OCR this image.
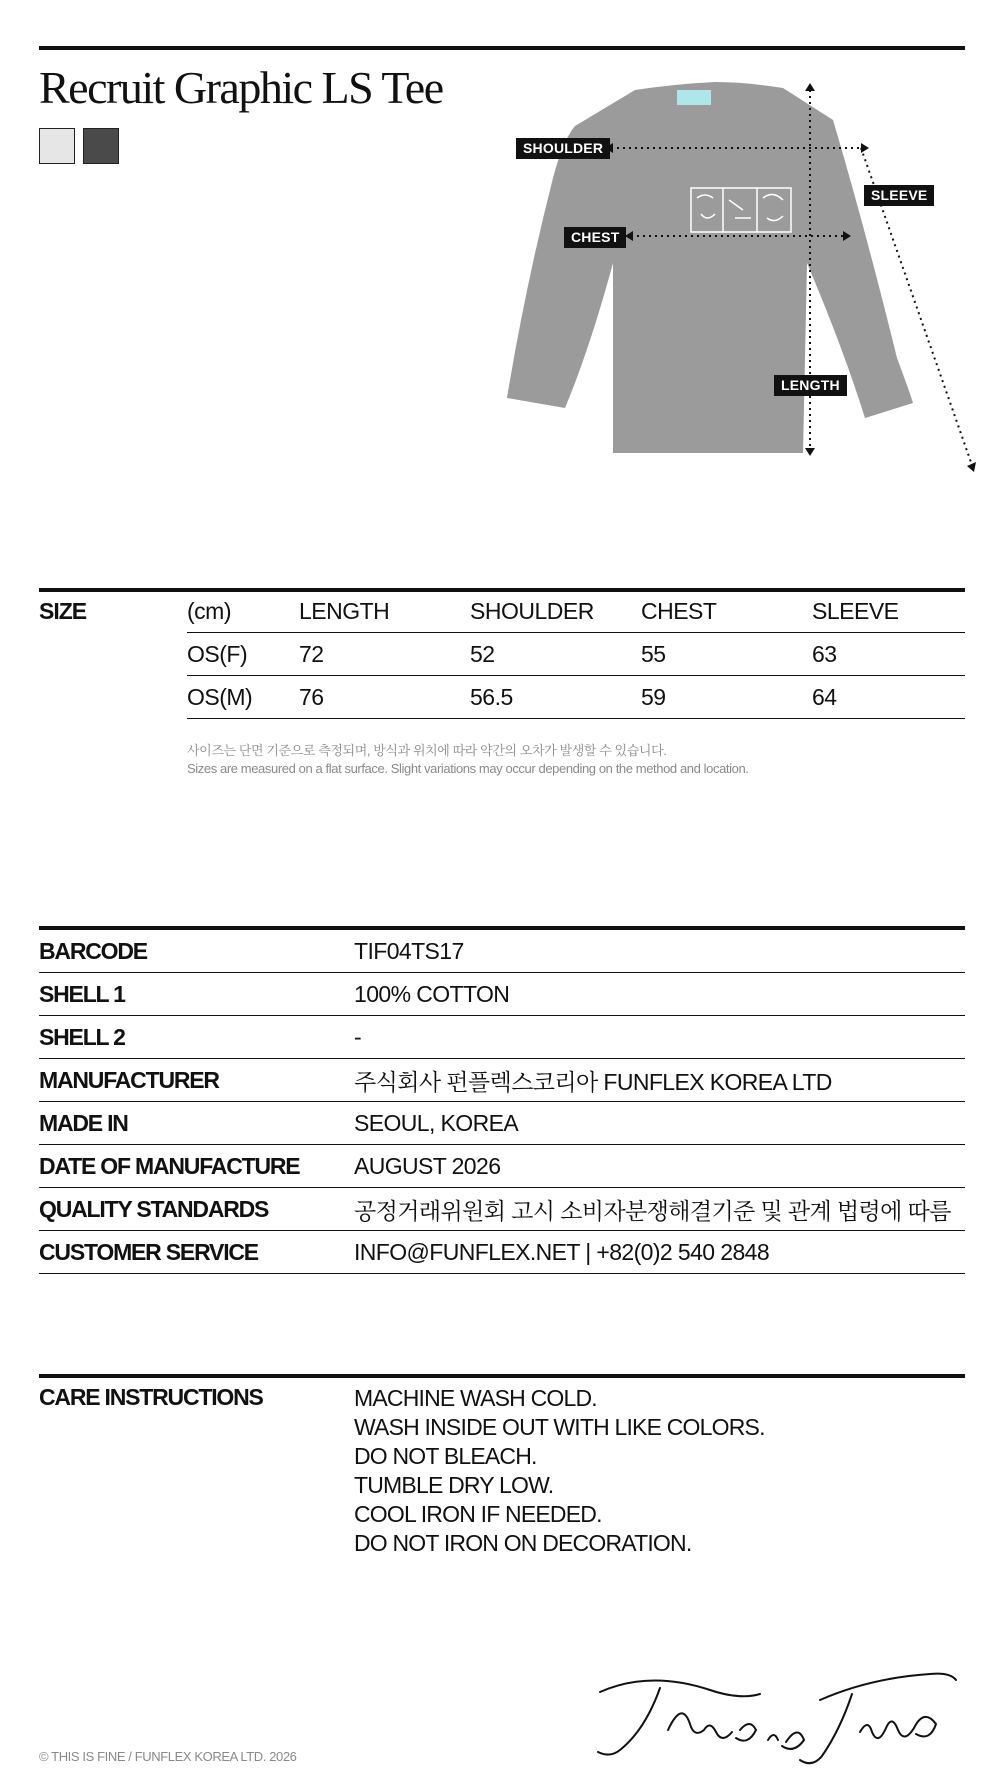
Recruit Graphic LS Tee
SHOULDER
SLEEVE
CHEST
LENGTH
SIZE	(cm)	LENGTH	SHOULDER	CHEST	SLEEVE
	OS(F)	72	52	55	63
	OS(M)	76	56.5	59	64
사이즈는 단면 기준으로 측정되며, 방식과 위치에 따라 약간의 오차가 발생할 수 있습니다.
Sizes are measured on a flat surface. Slight variations may occur depending on the method and location.
BARCODE	TIF04TS17
SHELL 1	100% COTTON
SHELL 2	-
MANUFACTURER	주식회사 펀플렉스코리아 FUNFLEX KOREA LTD
MADE IN	SEOUL, KOREA
DATE OF MANUFACTURE	AUGUST 2026
QUALITY STANDARDS	공정거래위원회 고시 소비자분쟁해결기준 및 관계 법령에 따름
CUSTOMER SERVICE	INFO@FUNFLEX.NET | +82(0)2 540 2848
CARE INSTRUCTIONS	MACHINE WASH COLD.
WASH INSIDE OUT WITH LIKE COLORS.
DO NOT BLEACH.
TUMBLE DRY LOW.
COOL IRON IF NEEDED.
DO NOT IRON ON DECORATION.
© THIS IS FINE / FUNFLEX KOREA LTD. 2026
